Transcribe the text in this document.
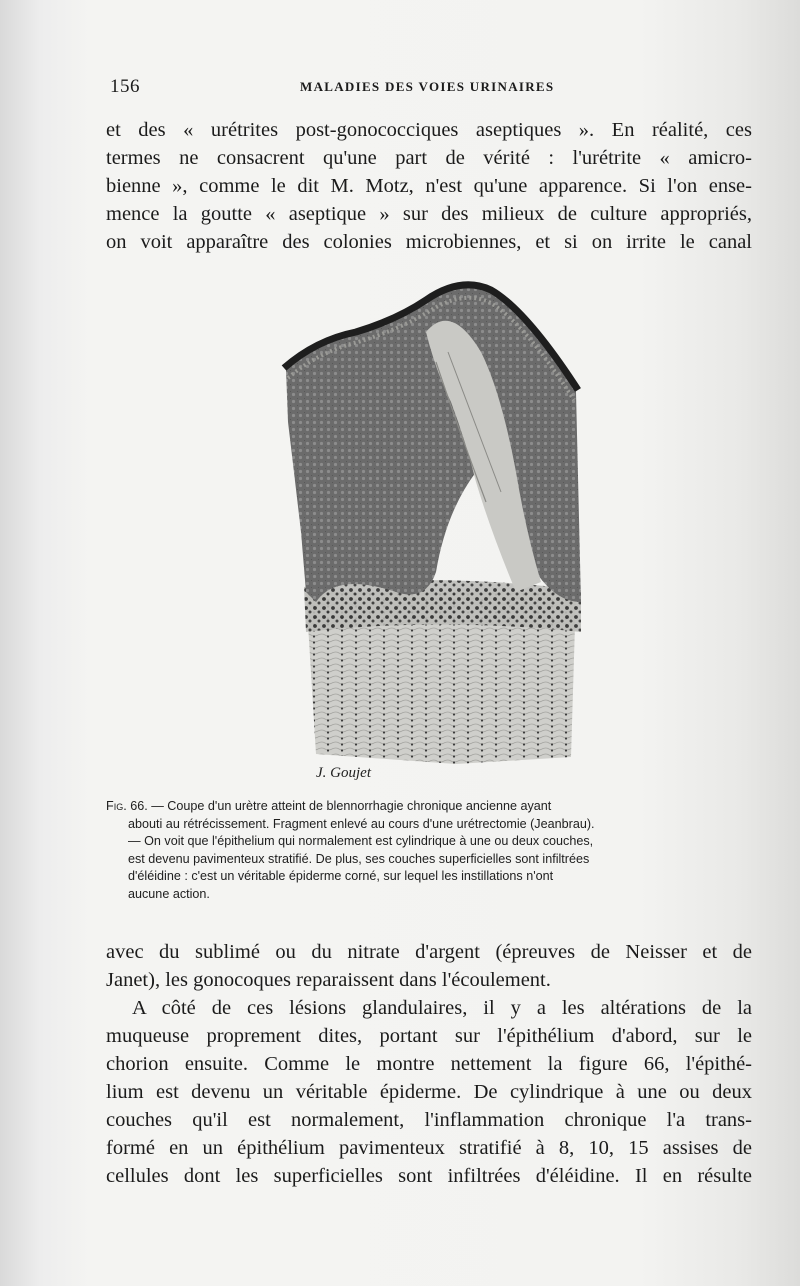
156	MALADIES DES VOIES URINAIRES
et des « urétrites post-gonococciques aseptiques ». En réalité, ces
termes ne consacrent qu'une part de vérité : l'urétrite « amicro-
bienne », comme le dit M. Motz, n'est qu'une apparence. Si l'on ense-
mence la goutte « aseptique » sur des milieux de culture appropriés,
on voit apparaître des colonies microbiennes, et si on irrite le canal
J. Goujet

Fig. 66. — Coupe d'un urètre atteint de blennorrhagie chronique ancienne ayant

abouti au rétrécissement. Fragment enlevé au cours d'une urétrectomie (Jeanbrau).

— On voit que l'épithelium qui normalement est cylindrique à une ou deux couches,

est devenu pavimenteux stratifié. De plus, ses couches superficielles sont infiltrées

d'éléidine : c'est un véritable épiderme corné, sur lequel les instillations n'ont

aucune action.

avec du sublimé ou du nitrate d'argent (épreuves de Neisser et de
Janet), les gonocoques reparaissent dans l'écoulement.
A côté de ces lésions glandulaires, il y a les altérations de la
muqueuse proprement dites, portant sur l'épithélium d'abord, sur le
chorion ensuite. Comme le montre nettement la figure 66, l'épithé-
lium est devenu un véritable épiderme. De cylindrique à une ou deux
couches qu'il est normalement, l'inflammation chronique l'a trans-
formé en un épithélium pavimenteux stratifié à 8, 10, 15 assises de
cellules dont les superficielles sont infiltrées d'éléidine. Il en résulte
